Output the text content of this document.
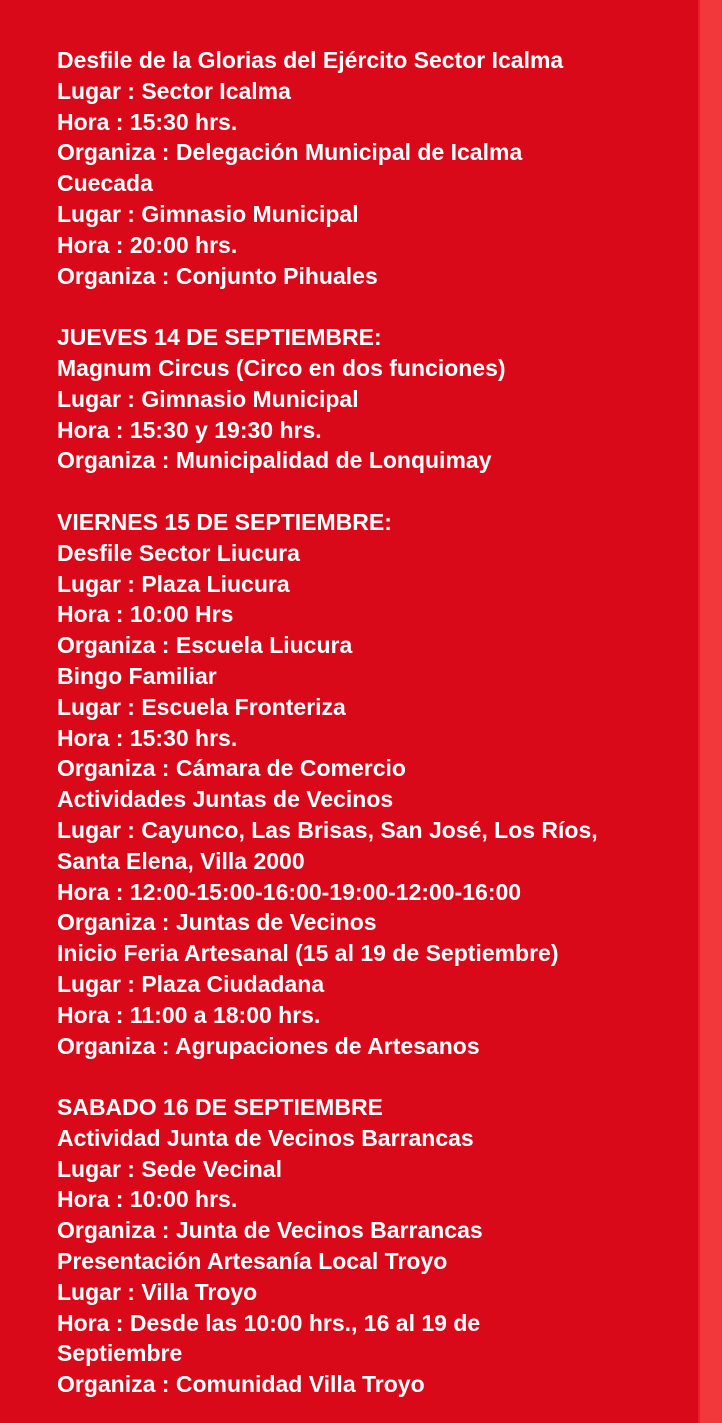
Desfile de la Glorias del Ejército Sector Icalma
Lugar : Sector Icalma
Hora : 15:30 hrs.
Organiza : Delegación Municipal de Icalma
Cuecada
Lugar : Gimnasio Municipal
Hora : 20:00 hrs.
Organiza : Conjunto Pihuales
JUEVES 14 DE SEPTIEMBRE:
Magnum Circus (Circo en dos funciones)
Lugar : Gimnasio Municipal
Hora : 15:30 y 19:30 hrs.
Organiza : Municipalidad de Lonquimay
VIERNES 15 DE SEPTIEMBRE:
Desfile Sector Liucura
Lugar : Plaza Liucura
Hora : 10:00 Hrs
Organiza : Escuela Liucura
Bingo Familiar
Lugar : Escuela Fronteriza
Hora : 15:30 hrs.
Organiza : Cámara de Comercio
Actividades Juntas de Vecinos
Lugar : Cayunco, Las Brisas, San José, Los Ríos,
Santa Elena, Villa 2000
Hora : 12:00-15:00-16:00-19:00-12:00-16:00
Organiza : Juntas de Vecinos
Inicio Feria Artesanal (15 al 19 de Septiembre)
Lugar : Plaza Ciudadana
Hora : 11:00 a 18:00 hrs.
Organiza : Agrupaciones de Artesanos
SABADO 16 DE SEPTIEMBRE
Actividad Junta de Vecinos Barrancas
Lugar : Sede Vecinal
Hora : 10:00 hrs.
Organiza : Junta de Vecinos Barrancas
Presentación Artesanía Local Troyo
Lugar : Villa Troyo
Hora : Desde las 10:00 hrs., 16 al 19 de
Septiembre
Organiza : Comunidad Villa Troyo
